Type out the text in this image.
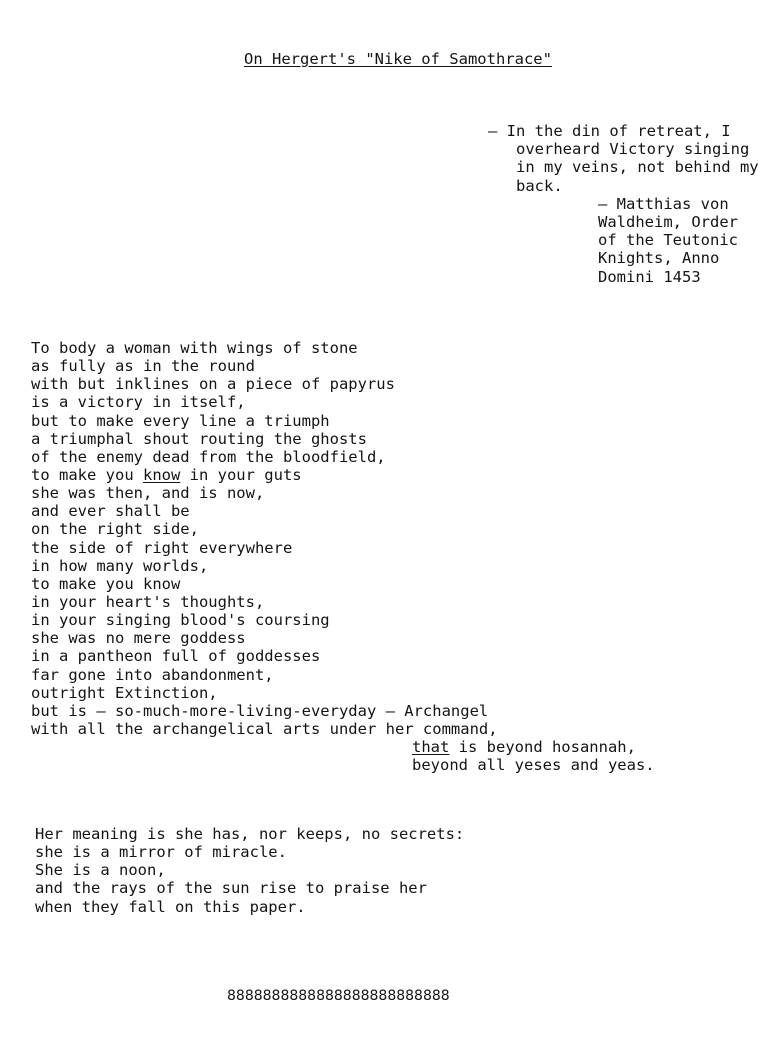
On Hergert's "Nike of Samothrace"
— In the din of retreat, I
overheard Victory singing
in my veins, not behind my
back.
— Matthias von
Waldheim, Order
of the Teutonic
Knights, Anno
Domini 1453
To body a woman with wings of stone
as fully as in the round
with but inklines on a piece of papyrus
is a victory in itself,
but to make every line a triumph
a triumphal shout routing the ghosts
of the enemy dead from the bloodfield,
to make you know in your guts
she was then, and is now,
and ever shall be
on the right side,
the side of right everywhere
in how many worlds,
to make you know
in your heart's thoughts,
in your singing blood's coursing
she was no mere goddess
in a pantheon full of goddesses
far gone into abandonment,
outright Extinction,
but is — so-much-more-living-everyday — Archangel
with all the archangelical arts under her command,
that is beyond hosannah,
beyond all yeses and yeas.
Her meaning is she has, nor keeps, no secrets:
she is a mirror of miracle.
She is a noon,
and the rays of the sun rise to praise her
when they fall on this paper.
8888888888888888888888888
